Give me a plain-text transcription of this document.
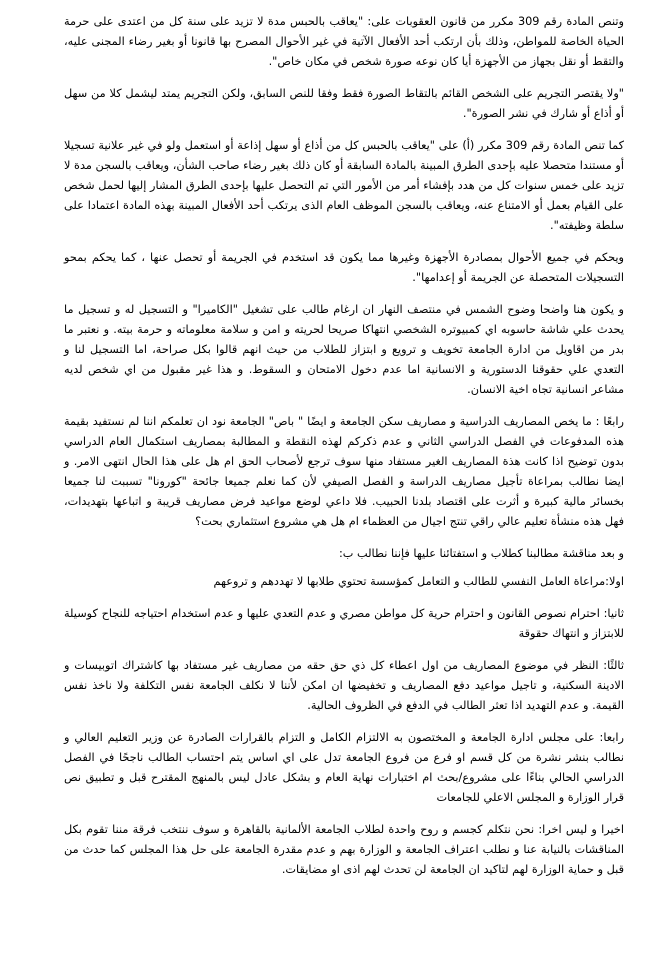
وتنص المادة رقم 309 مكرر من قانون العقوبات على: "يعاقب بالحبس مدة لا تزيد على سنة كل من اعتدى على حرمة الحياة الخاصة للمواطن، وذلك بأن ارتكب أحد الأفعال الآتية في غير الأحوال المصرح بها قانونا أو بغير رضاء المجنى عليه، والتقط أو نقل بجهاز من الأجهزة أيا كان نوعه صورة شخص في مكان خاص".

"ولا يقتصر التجريم على الشخص القائم بالتقاط الصورة فقط وفقا للنص السابق، ولكن التجريم يمتد ليشمل كلا من سهل أو أذاع أو شارك في نشر الصورة".

كما تنص المادة رقم 309 مكرر (أ) على "يعاقب بالحبس كل من أذاع أو سهل إذاعة أو استعمل ولو في غير علانية تسجيلا أو مستندا متحصلا عليه بإحدى الطرق المبينة بالمادة السابقة أو كان ذلك بغير رضاء صاحب الشأن، ويعاقب بالسجن مدة لا تزيد على خمس سنوات كل من هدد بإفشاء أمر من الأمور التي تم التحصل عليها بإحدى الطرق المشار إليها لحمل شخص على القيام بعمل أو الامتناع عنه، ويعاقب بالسجن الموظف العام الذى يرتكب أحد الأفعال المبينة بهذه المادة اعتمادا على سلطة وظيفته".

ويحكم في جميع الأحوال بمصادرة الأجهزة وغيرها مما يكون قد استخدم في الجريمة أو تحصل عنها ، كما يحكم بمحو التسجيلات المتحصلة عن الجريمة أو إعدامها".

و يكون هنا واضحا وضوح الشمس في منتصف النهار ان ارغام طالب على تشغيل "الكاميرا" و التسجيل له و تسجيل ما يحدث علي شاشة حاسوبه اي كمبيوتره الشخصي انتهاكا صريحا لحريته و امن و سلامة معلوماته و حرمة بيته. و نعتبر ما بدر من اقاويل من ادارة الجامعة تخويف و ترويع و ابتزاز للطلاب من حيث انهم قالوا بكل صراحة، اما التسجيل لنا و التعدي علي حقوقنا الدستورية و الانسانية اما عدم دخول الامتحان و السقوط. و هذا غير مقبول من اي شخص لديه مشاعر انسانية تجاه اخية الانسان.

رابعًا : ما يخص المصاريف الدراسية و مصاريف سكن الجامعة و ايضًا " باص" الجامعة نود ان تعلمكم اننا لم نستفيد بقيمة هذه المدفوعات في الفصل الدراسي الثاني و عدم ذكركم لهذه النقطة و المطالبة بمصاريف استكمال العام الدراسي بدون توضيح اذا كانت هذة المصاريف الغير مستفاد منها سوف ترجع لأصحاب الحق ام هل على هذا الحال انتهى الامر. و ايضا نطالب بمراعاة تأجيل مصاريف الدراسة و الفصل الصيفي لأن كما نعلم جميعا جائحة "كورونا" تسببت لنا جميعا بخسائر مالية كبيرة و أثرت على اقتصاد بلدنا الحبيب. فلا داعي لوضع مواعيد فرض مصاريف قريبة و اتباعها بتهديدات، فهل هذه منشأة تعليم عالي راقي تنتج اجيال من العظماء ام هل هي مشروع استثماري بحت؟

و بعد مناقشة مطالبنا كطلاب و استفتائنا عليها فإننا نطالب ب:

اولا:مراعاة العامل النفسي للطالب و التعامل كمؤسسة تحتوي طلابها لا تهددهم و تروعهم

ثانيا: احترام نصوص القانون و احترام حرية كل مواطن مصري و عدم التعدي عليها و عدم استخدام احتياجه للنجاح كوسيلة للابتزاز و انتهاك حقوقة

ثالثًا: النظر في موضوع المصاريف من اول اعطاء كل ذي حق حقه من مصاريف غير مستفاد بها كاشتراك اتوبيسات و الادينة السكنية، و تاجيل مواعيد دفع المصاريف و تخفيضها ان امكن لأننا لا نكلف الجامعة نفس التكلفة ولا ناخذ نفس القيمة. و عدم التهديد اذا تعثر الطالب في الدفع في الظروف الحالية.

رابعا: على مجلس ادارة الجامعة و المختصون به الالتزام الكامل و التزام بالقرارات الصادرة عن وزير التعليم العالي و نطالب بنشر نشرة من كل قسم او فرع من فروع الجامعة تدل على اي اساس يتم احتساب الطالب ناجحًا في الفصل الدراسي الحالي بناءًا على مشروع/بحث ام اختبارات نهاية العام و بشكل عادل ليس بالمنهج المقترح قبل و تطبيق نص قرار الوزارة و المجلس الاعلي للجامعات

اخيرا و ليس اخرا: نحن نتكلم كجسم و روح واحدة لطلاب الجامعة الألمانية بالقاهرة و سوف ننتخب فرقة مننا تقوم بكل المناقشات بالنيابة عنا و نطلب اعتراف الجامعة و الوزارة بهم و عدم مقدرة الجامعة على حل هذا المجلس كما حدث من قبل و حماية الوزارة لهم لتاكيد ان الجامعة لن تحدث لهم اذى او مضايقات.
